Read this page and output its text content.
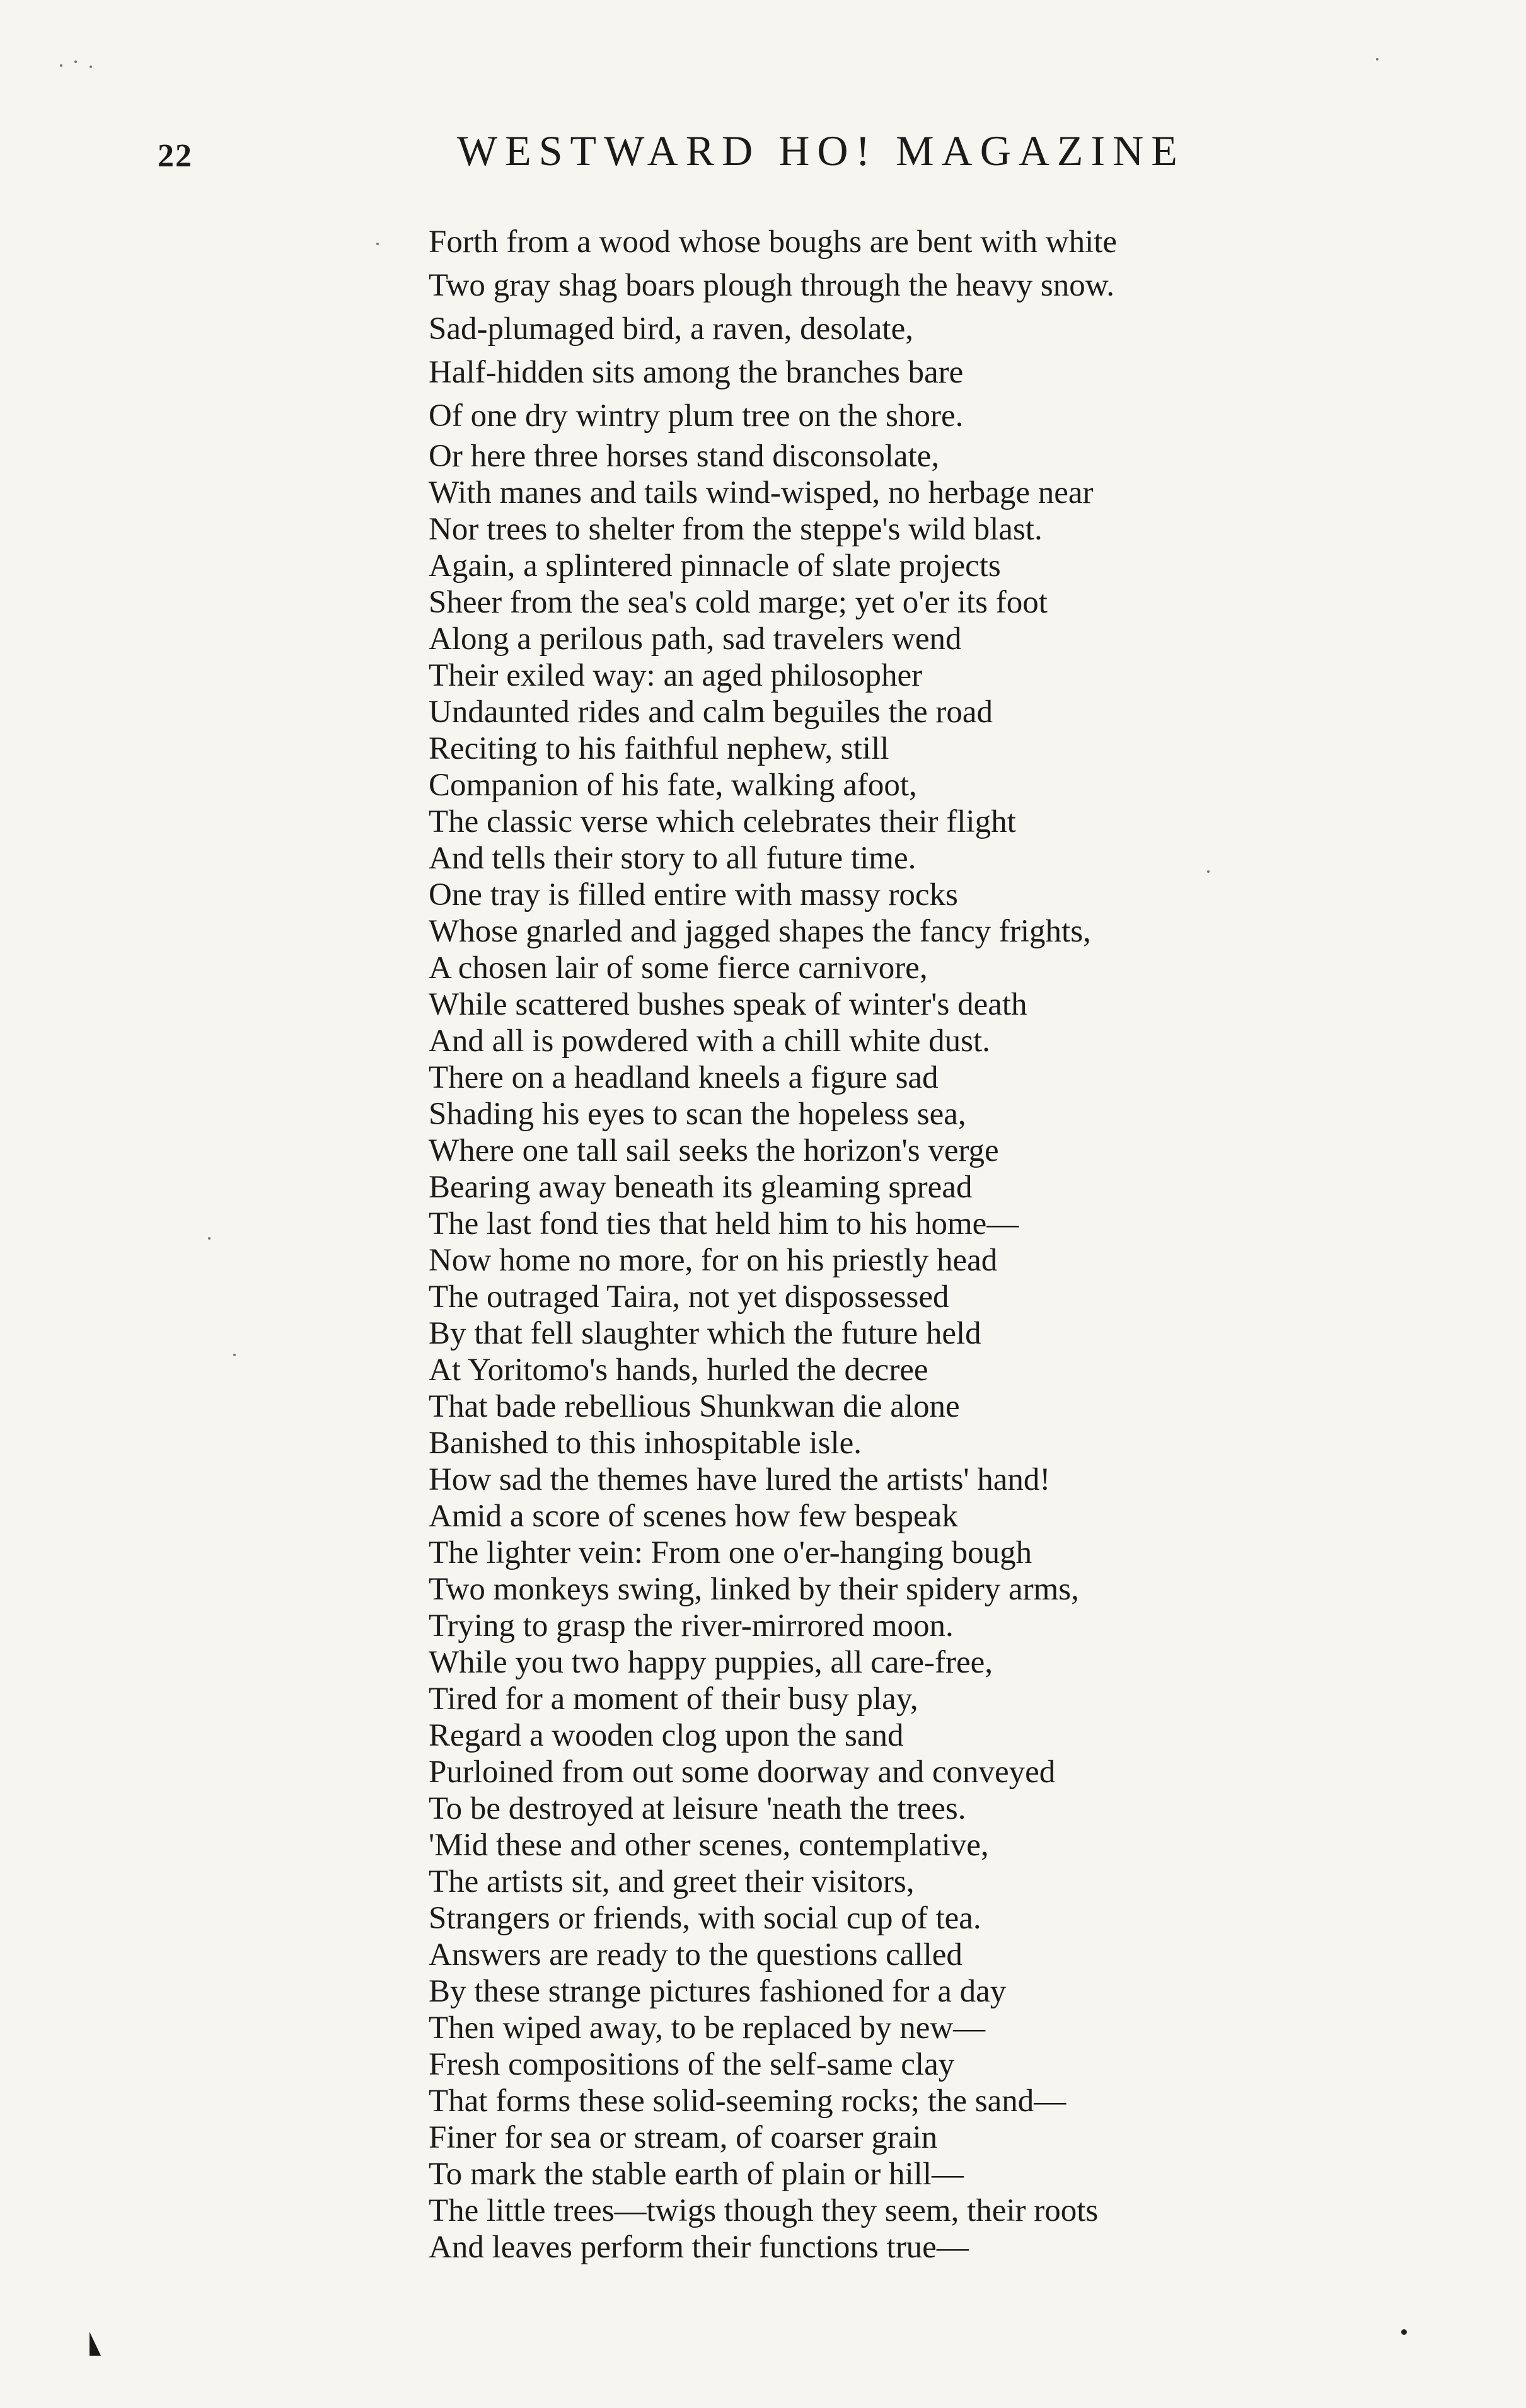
22	WESTWARD HO! MAGAZINE
Forth from a wood whose boughs are bent with white
Two gray shag boars plough through the heavy snow.
Sad-plumaged bird, a raven, desolate,
Half-hidden sits among the branches bare
Of one dry wintry plum tree on the shore.
Or here three horses stand disconsolate,
With manes and tails wind-wisped, no herbage near
Nor trees to shelter from the steppe's wild blast.
Again, a splintered pinnacle of slate projects
Sheer from the sea's cold marge; yet o'er its foot
Along a perilous path, sad travelers wend
Their exiled way: an aged philosopher
Undaunted rides and calm beguiles the road
Reciting to his faithful nephew, still
Companion of his fate, walking afoot,
The classic verse which celebrates their flight
And tells their story to all future time.
One tray is filled entire with massy rocks
Whose gnarled and jagged shapes the fancy frights,
A chosen lair of some fierce carnivore,
While scattered bushes speak of winter's death
And all is powdered with a chill white dust.
There on a headland kneels a figure sad
Shading his eyes to scan the hopeless sea,
Where one tall sail seeks the horizon's verge
Bearing away beneath its gleaming spread
The last fond ties that held him to his home—
Now home no more, for on his priestly head
The outraged Taira, not yet dispossessed
By that fell slaughter which the future held
At Yoritomo's hands, hurled the decree
That bade rebellious Shunkwan die alone
Banished to this inhospitable isle.
How sad the themes have lured the artists' hand!
Amid a score of scenes how few bespeak
The lighter vein: From one o'er-hanging bough
Two monkeys swing, linked by their spidery arms,
Trying to grasp the river-mirrored moon.
While you two happy puppies, all care-free,
Tired for a moment of their busy play,
Regard a wooden clog upon the sand
Purloined from out some doorway and conveyed
To be destroyed at leisure 'neath the trees.
'Mid these and other scenes, contemplative,
The artists sit, and greet their visitors,
Strangers or friends, with social cup of tea.
Answers are ready to the questions called
By these strange pictures fashioned for a day
Then wiped away, to be replaced by new—
Fresh compositions of the self-same clay
That forms these solid-seeming rocks; the sand—
Finer for sea or stream, of coarser grain
To mark the stable earth of plain or hill—
The little trees—twigs though they seem, their roots
And leaves perform their functions true—
